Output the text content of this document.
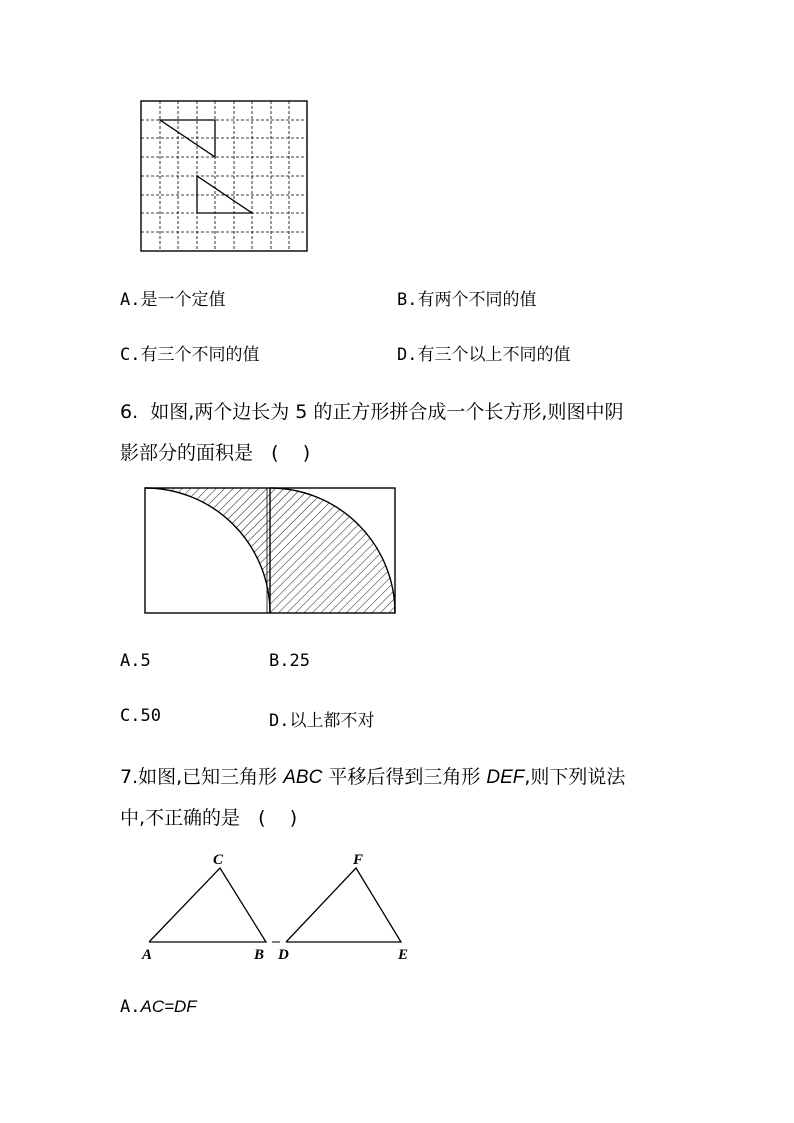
A.是一个定值	B.有两个不同的值
C.有三个不同的值	D.有三个以上不同的值
6.  如图,两个边长为 5 的正方形拼合成一个长方形,则图中阴
影部分的面积是   (    )
A.5	B.25
C.50	D.以上都不对
7.如图,已知三角形 ABC 平移后得到三角形 DEF,则下列说法
中,不正确的是   (    )
C	F
A	B D	E
A.AC=DF
